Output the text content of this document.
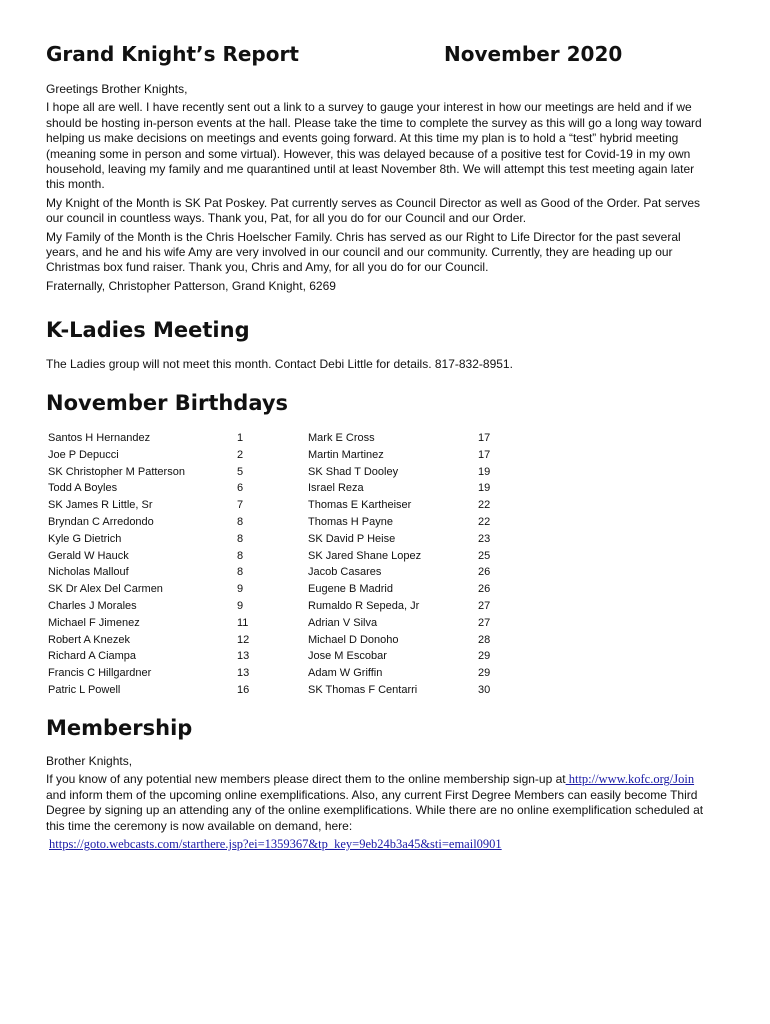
Grand Knight’s Report	November 2020

Greetings Brother Knights,

I hope all are well. I have recently sent out a link to a survey to gauge your interest in how our meetings are held and if we should be hosting in-person events at the hall. Please take the time to complete the survey as this will go a long way toward helping us make decisions on meetings and events going forward. At this time my plan is to hold a “test” hybrid meeting (meaning some in person and some virtual). However, this was delayed because of a positive test for Covid-19 in my own household, leaving my family and me quarantined until at least November 8th. We will attempt this test meeting again later this month.

My Knight of the Month is SK Pat Poskey. Pat currently serves as Council Director as well as Good of the Order. Pat serves our council in countless ways. Thank you, Pat, for all you do for our Council and our Order.

My Family of the Month is the Chris Hoelscher Family. Chris has served as our Right to Life Director for the past several years, and he and his wife Amy are very involved in our council and our community. Currently, they are heading up our Christmas box fund raiser. Thank you, Chris and Amy, for all you do for our Council.

Fraternally, Christopher Patterson, Grand Knight, 6269

K-Ladies Meeting

The Ladies group will not meet this month. Contact Debi Little for details. 817-832-8951.

November Birthdays
Santos H Hernandez	1	Mark E Cross	17
Joe P Depucci	2	Martin Martinez	17
SK Christopher M Patterson	5	SK Shad T Dooley	19
Todd A Boyles	6	Israel Reza	19
SK James R Little, Sr	7	Thomas E Kartheiser	22
Bryndan C Arredondo	8	Thomas H Payne	22
Kyle G Dietrich	8	SK David P Heise	23
Gerald W Hauck	8	SK Jared Shane Lopez	25
Nicholas Mallouf	8	Jacob Casares	26
SK Dr Alex Del Carmen	9	Eugene B Madrid	26
Charles J Morales	9	Rumaldo R Sepeda, Jr	27
Michael F Jimenez	11	Adrian V Silva	27
Robert A Knezek	12	Michael D Donoho	28
Richard A Ciampa	13	Jose M Escobar	29
Francis C Hillgardner	13	Adam W Griffin	29
Patric L Powell	16	SK Thomas F Centarri	30
Membership

Brother Knights,

If you know of any potential new members please direct them to the online membership sign-up at http://www.kofc.org/Join and inform them of the upcoming online exemplifications. Also, any current First Degree Members can easily become Third Degree by signing up an attending any of the online exemplifications. While there are no online exemplification scheduled at this time the ceremony is now available on demand, here:

https://goto.webcasts.com/starthere.jsp?ei=1359367&tp_key=9eb24b3a45&sti=email0901
